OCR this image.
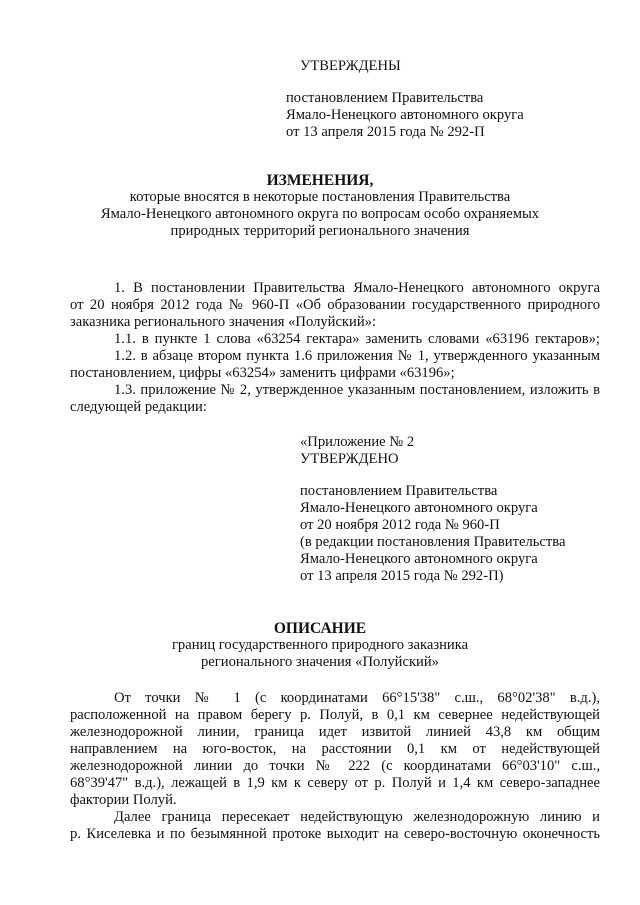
УТВЕРЖДЕНЫ
постановлением Правительства
Ямало-Ненецкого автономного округа
от 13 апреля 2015 года № 292-П
ИЗМЕНЕНИЯ,
которые вносятся в некоторые постановления Правительства
Ямало-Ненецкого автономного округа по вопросам особо охраняемых
природных территорий регионального значения

1. В постановлении Правительства Ямало-Ненецкого автономного округа

от 20 ноября 2012 года № 960-П «Об образовании государственного природного

заказника регионального значения «Полуйский»:

1.1. в пункте 1 слова «63254 гектара» заменить словами «63196 гектаров»;

1.2. в абзаце втором пункта 1.6 приложения № 1, утвержденного указанным

постановлением, цифры «63254» заменить цифрами «63196»;

1.3. приложение № 2, утвержденное указанным постановлением, изложить в

следующей редакции:

«Приложение № 2
УТВЕРЖДЕНО
постановлением Правительства
Ямало-Ненецкого автономного округа
от 20 ноября 2012 года № 960-П
(в редакции постановления Правительства
Ямало-Ненецкого автономного округа
от 13 апреля 2015 года № 292-П)
ОПИСАНИЕ
границ государственного природного заказника
регионального значения «Полуйский»

От точки № 1 (с координатами 66°15'38" с.ш., 68°02'38" в.д.),

расположенной на правом берегу р. Полуй, в 0,1 км севернее недействующей

железнодорожной линии, граница идет извитой линией 43,8 км общим

направлением на юго-восток, на расстоянии 0,1 км от недействующей

железнодорожной линии до точки № 222 (с координатами 66°03'10" с.ш.,

68°39'47" в.д.), лежащей в 1,9 км к северу от р. Полуй и 1,4 км северо-западнее

фактории Полуй.

Далее граница пересекает недействующую железнодорожную линию и

р. Киселевка и по безымянной протоке выходит на северо-восточную оконечность
